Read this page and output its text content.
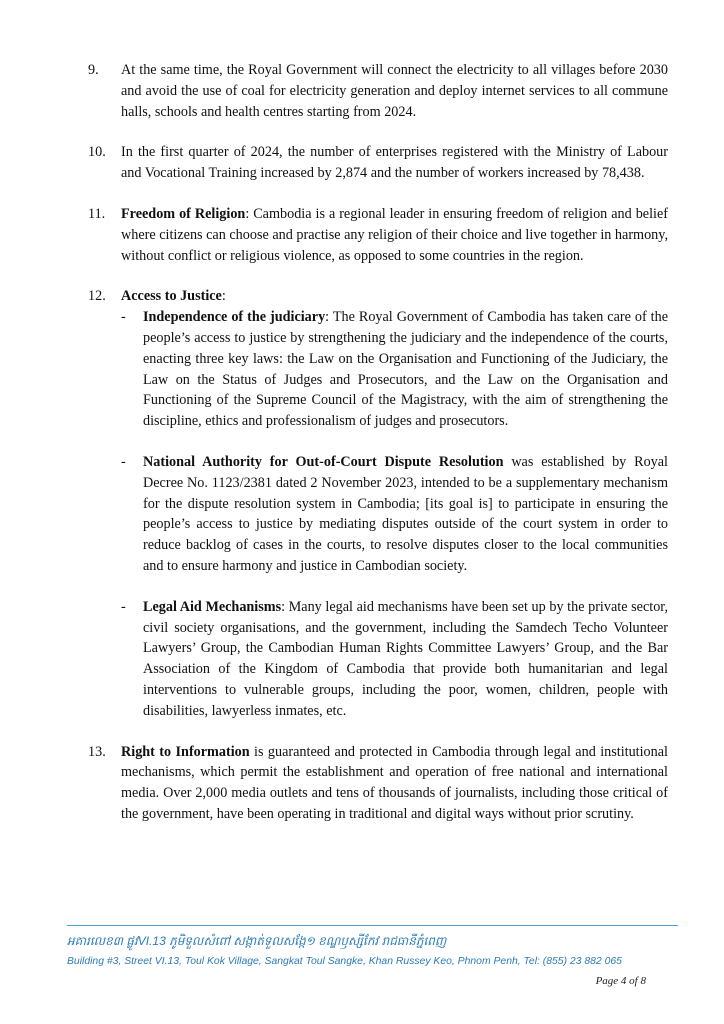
9. At the same time, the Royal Government will connect the electricity to all villages before 2030 and avoid the use of coal for electricity generation and deploy internet services to all commune halls, schools and health centres starting from 2024.
10. In the first quarter of 2024, the number of enterprises registered with the Ministry of Labour and Vocational Training increased by 2,874 and the number of workers increased by 78,438.
11. Freedom of Religion: Cambodia is a regional leader in ensuring freedom of religion and belief where citizens can choose and practise any religion of their choice and live together in harmony, without conflict or religious violence, as opposed to some countries in the region.
12. Access to Justice:
- Independence of the judiciary: The Royal Government of Cambodia has taken care of the people’s access to justice by strengthening the judiciary and the independence of the courts, enacting three key laws: the Law on the Organisation and Functioning of the Judiciary, the Law on the Status of Judges and Prosecutors, and the Law on the Organisation and Functioning of the Supreme Council of the Magistracy, with the aim of strengthening the discipline, ethics and professionalism of judges and prosecutors.
- National Authority for Out-of-Court Dispute Resolution was established by Royal Decree No. 1123/2381 dated 2 November 2023, intended to be a supplementary mechanism for the dispute resolution system in Cambodia; [its goal is] to participate in ensuring the people’s access to justice by mediating disputes outside of the court system in order to reduce backlog of cases in the courts, to resolve disputes closer to the local communities and to ensure harmony and justice in Cambodian society.
- Legal Aid Mechanisms: Many legal aid mechanisms have been set up by the private sector, civil society organisations, and the government, including the Samdech Techo Volunteer Lawyers’ Group, the Cambodian Human Rights Committee Lawyers’ Group, and the Bar Association of the Kingdom of Cambodia that provide both humanitarian and legal interventions to vulnerable groups, including the poor, women, children, people with disabilities, lawyerless inmates, etc.
13. Right to Information is guaranteed and protected in Cambodia through legal and institutional mechanisms, which permit the establishment and operation of free national and international media. Over 2,000 media outlets and tens of thousands of journalists, including those critical of the government, have been operating in traditional and digital ways without prior scrutiny.
អគារលេខ៣ ផ្លូវVI.13 ភូមិទួលសំពៅ សង្កាត់ទួលសង្កែ១ ខណ្ឌឫស្សីកែវ រាជធានីភ្នំពេញ
Building #3, Street VI.13, Toul Kok Village, Sangkat Toul Sangke, Khan Russey Keo, Phnom Penh, Tel: (855) 23 882 065
Page 4 of 8
